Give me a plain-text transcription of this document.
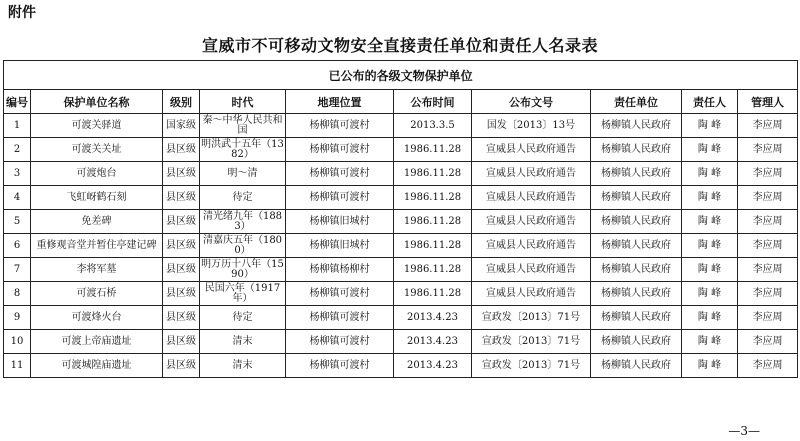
附件
宣威市不可移动文物安全直接责任单位和责任人名录表
已公布的各级文物保护单位									
编号	保护单位名称	级别	时代	地理位置	公布时间	公布文号	责任单位	责任人	管理人
1	可渡关驿道	国家级	秦～中华人民共和国	杨柳镇可渡村	2013.3.5	国发〔2013〕13号	杨柳镇人民政府	陶 峰	李应周
2	可渡关关址	县区级	明洪武十五年（1382）	杨柳镇可渡村	1986.11.28	宣威县人民政府通告	杨柳镇人民政府	陶 峰	李应周
3	可渡炮台	县区级	明～清	杨柳镇可渡村	1986.11.28	宣威县人民政府通告	杨柳镇人民政府	陶 峰	李应周
4	飞虹岈鹤石刻	县区级	待定	杨柳镇可渡村	1986.11.28	宣威县人民政府通告	杨柳镇人民政府	陶 峰	李应周
5	免差碑	县区级	清光绪九年（1883）	杨柳镇旧城村	1986.11.28	宣威县人民政府通告	杨柳镇人民政府	陶 峰	李应周
6	重修观音堂并暂住亭建记碑	县区级	清嘉庆五年（1800）	杨柳镇旧城村	1986.11.28	宣威县人民政府通告	杨柳镇人民政府	陶 峰	李应周
7	李将军墓	县区级	明万历十八年（1590）	杨柳镇杨柳村	1986.11.28	宣威县人民政府通告	杨柳镇人民政府	陶 峰	李应周
8	可渡石桥	县区级	民国六年（1917年）	杨柳镇可渡村	1986.11.28	宣威县人民政府通告	杨柳镇人民政府	陶 峰	李应周
9	可渡烽火台	县区级	待定	杨柳镇可渡村	2013.4.23	宣政发〔2013〕71号	杨柳镇人民政府	陶 峰	李应周
10	可渡上帝庙遗址	县区级	清末	杨柳镇可渡村	2013.4.23	宣政发〔2013〕71号	杨柳镇人民政府	陶 峰	李应周
11	可渡城隍庙遗址	县区级	清末	杨柳镇可渡村	2013.4.23	宣政发〔2013〕71号	杨柳镇人民政府	陶 峰	李应周
—3—
